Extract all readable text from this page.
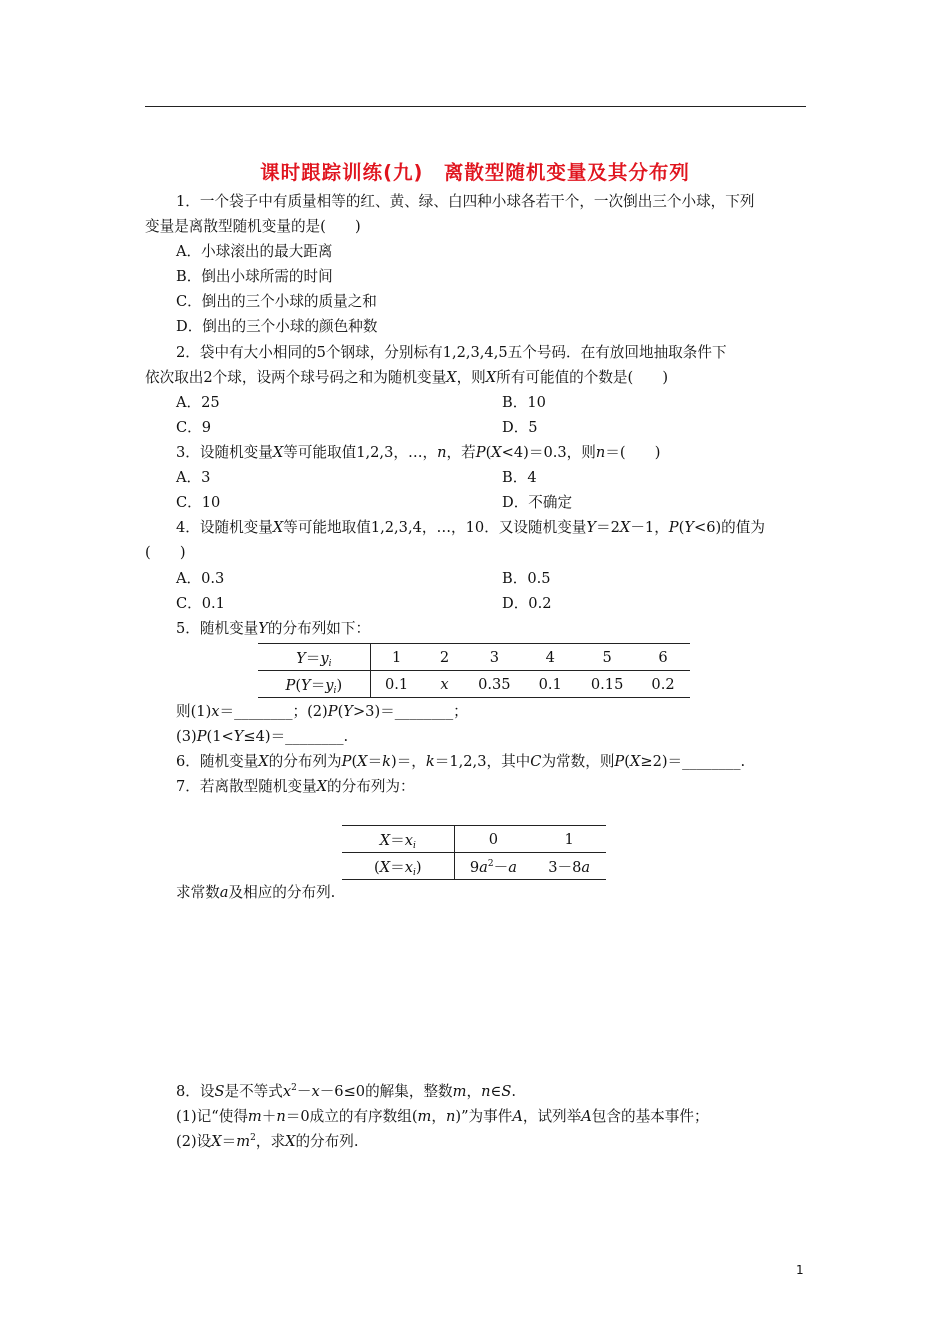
课时跟踪训练(九)　离散型随机变量及其分布列
1．一个袋子中有质量相等的红、黄、绿、白四种小球各若干个，一次倒出三个小球，下列
变量是离散型随机变量的是(　　)
A．小球滚出的最大距离
B．倒出小球所需的时间
C．倒出的三个小球的质量之和
D．倒出的三个小球的颜色种数
2．袋中有大小相同的5个钢球，分别标有1,2,3,4,5五个号码．在有放回地抽取条件下
依次取出2个球，设两个球号码之和为随机变量X，则X所有可能值的个数是(　　)
A．25	B．10
C．9	D．5
3．设随机变量X等可能取值1,2,3，…，n，若P(X<4)＝0.3，则n＝(　　)
A．3	B．4
C．10	D．不确定
4．设随机变量X等可能地取值1,2,3,4，…，10．又设随机变量Y＝2X－1，P(Y<6)的值为
(　　)
A．0.3	B．0.5
C．0.1	D．0.2
5．随机变量Y的分布列如下：
$Y=y_i$	1	2	3	4	5	6
$P(Y=y_i)$	0.1	x	0.35	0.1	0.15	0.2
则(1)x＝________；(2)P(Y>3)＝________；
(3)P(1<Y≤4)＝________.
6．随机变量X的分布列为P(X＝k)＝，k＝1,2,3，其中C为常数，则P(X≥2)＝________.
7．若离散型随机变量X的分布列为：
$X=x_i$	0	1
$(X=x_i)$	$9a^2-a$	3－8a
求常数a及相应的分布列.
8．设S是不等式$x^2-x-6\le 0$的解集，整数m，n∈S.
(1)记“使得m＋n＝0成立的有序数组(m，n)”为事件A，试列举A包含的基本事件；
(2)设$X=m^2$，求X的分布列.
1
